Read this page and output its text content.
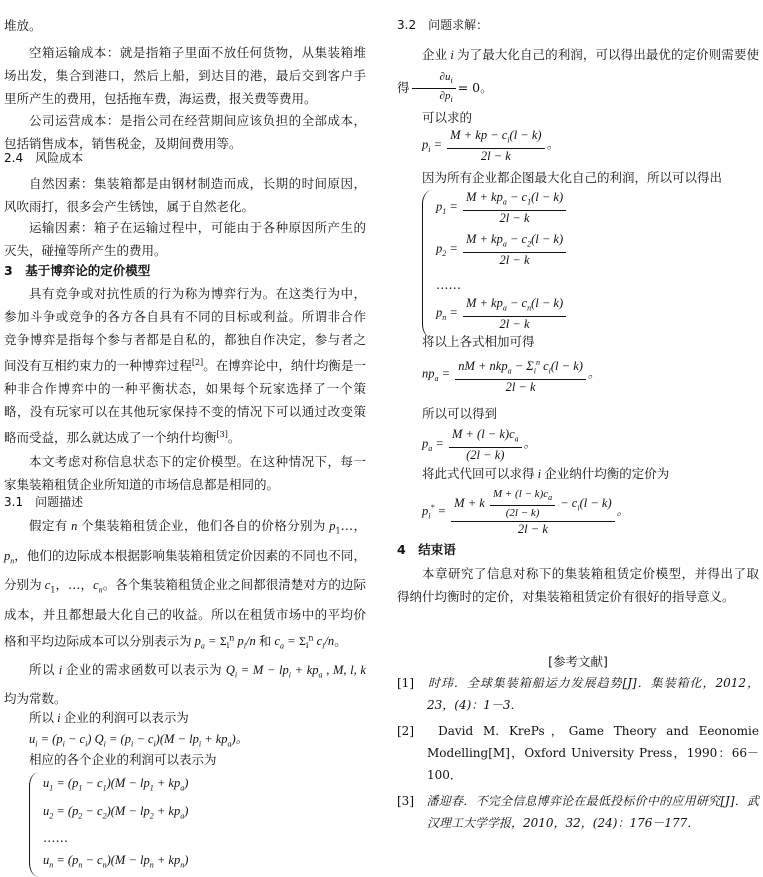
堆放。
空箱运输成本：就是指箱子里面不放任何货物，从集装箱堆场出发，集合到港口，然后上船，到达目的港，最后交到客户手里所产生的费用，包括拖车费，海运费，报关费等费用。
公司运营成本：是指公司在经营期间应该负担的全部成本，包括销售成本，销售税金，及期间费用等。
2.4　风险成本
自然因素：集装箱都是由钢材制造而成，长期的时间原因，风吹雨打，很多会产生锈蚀，属于自然老化。
运输因素：箱子在运输过程中，可能由于各种原因所产生的灭失，碰撞等所产生的费用。
3　基于博弈论的定价模型
具有竞争或对抗性质的行为称为博弈行为。在这类行为中，参加斗争或竞争的各方各自具有不同的目标或利益。所谓非合作竞争博弈是指每个参与者都是自私的，都独自作决定，参与者之间没有互相约束力的一种博弈过程[2]。在博弈论中，纳什均衡是一种非合作博弈中的一种平衡状态，如果每个玩家选择了一个策略，没有玩家可以在其他玩家保持不变的情况下可以通过改变策略而受益，那么就达成了一个纳什均衡[3]。
本文考虑对称信息状态下的定价模型。在这种情况下，每一家集装箱租赁企业所知道的市场信息都是相同的。
3.1　问题描述
假定有 n 个集装箱租赁企业，他们各自的价格分别为 $p_1\dots$，$p_n$，他们的边际成本根据影响集装箱租赁定价因素的不同也不同，分别为 $c_1$，…，$c_n$。各个集装箱租赁企业之间都很清楚对方的边际成本，并且都想最大化自己的收益。所以在租赁市场中的平均价格和平均边际成本可以分别表示为 $p_a = \Sigma_i^n$ $p_i/n$ 和 $c_a = \Sigma_i^n$ $c_i/n$。
所以 i 企业的需求函数可以表示为 $Q_i = M - lp_i + kp_a$ , M, l, k 均为常数。
所以 i 企业的利润可以表示为
$u_i = (p_i - c_i) Q_i = (p_i - c_i)(M - lp_i + kp_a)$。
相应的各个企业的利润可以表示为
$u_1 = (p_1 - c_1)(M - lp_1 + kp_a)$
$u_2 = (p_2 - c_2)(M - lp_2 + kp_a)$
……
$u_n = (p_n - c_n)(M - lp_n + kp_n)$
3.2　问题求解：
企业 i 为了最大化自己的利润，可以得出最优的定价则需要使得 $\frac{\partial u_i}{\partial p_i} = 0$。
可以求的
$p_i = \frac{M + kp - c_i(l - k)}{2l - k}$ 。
因为所有企业都企图最大化自己的利润，所以可以得出
$p_1 = \frac{M + kp_a - c_1(l - k)}{2l - k}$
$p_2 = \frac{M + kp_a - c_2(l - k)}{2l - k}$
……
$p_n = \frac{M + kp_a - c_n(l - k)}{2l - k}$
将以上各式相加可得
$np_a = \frac{nM + nkp_a - \Sigma_i^n c_i(l - k)}{2l - k}$ 。
所以可以得到
$p_a = \frac{M + (l - k)c_a}{(2l - k)}$ 。
将此式代回可以求得 i 企业纳什均衡的定价为
$p_i^* = \frac{M + k \frac{M + (l - k)c_a}{(2l - k)} - c_i(l - k)}{2l - k}$ 。
4　结束语
本章研究了信息对称下的集装箱租赁定价模型，并得出了取得纳什均衡时的定价，对集装箱租赁定价有很好的指导意义。
[参考文献]
[1]　 时玮．全球集装箱船运力发展趋势[J]．集装箱化，2012，23，(4)：1－3．
[2]　 David M. KrePs，Game Theory and Eeonomie Modelling[M]，Oxford University Press，1990：66－100．
[3]　 潘迎春．不完全信息博弈论在最低投标价中的应用研究[J]．武汉理工大学学报，2010，32，(24)：176－177．
